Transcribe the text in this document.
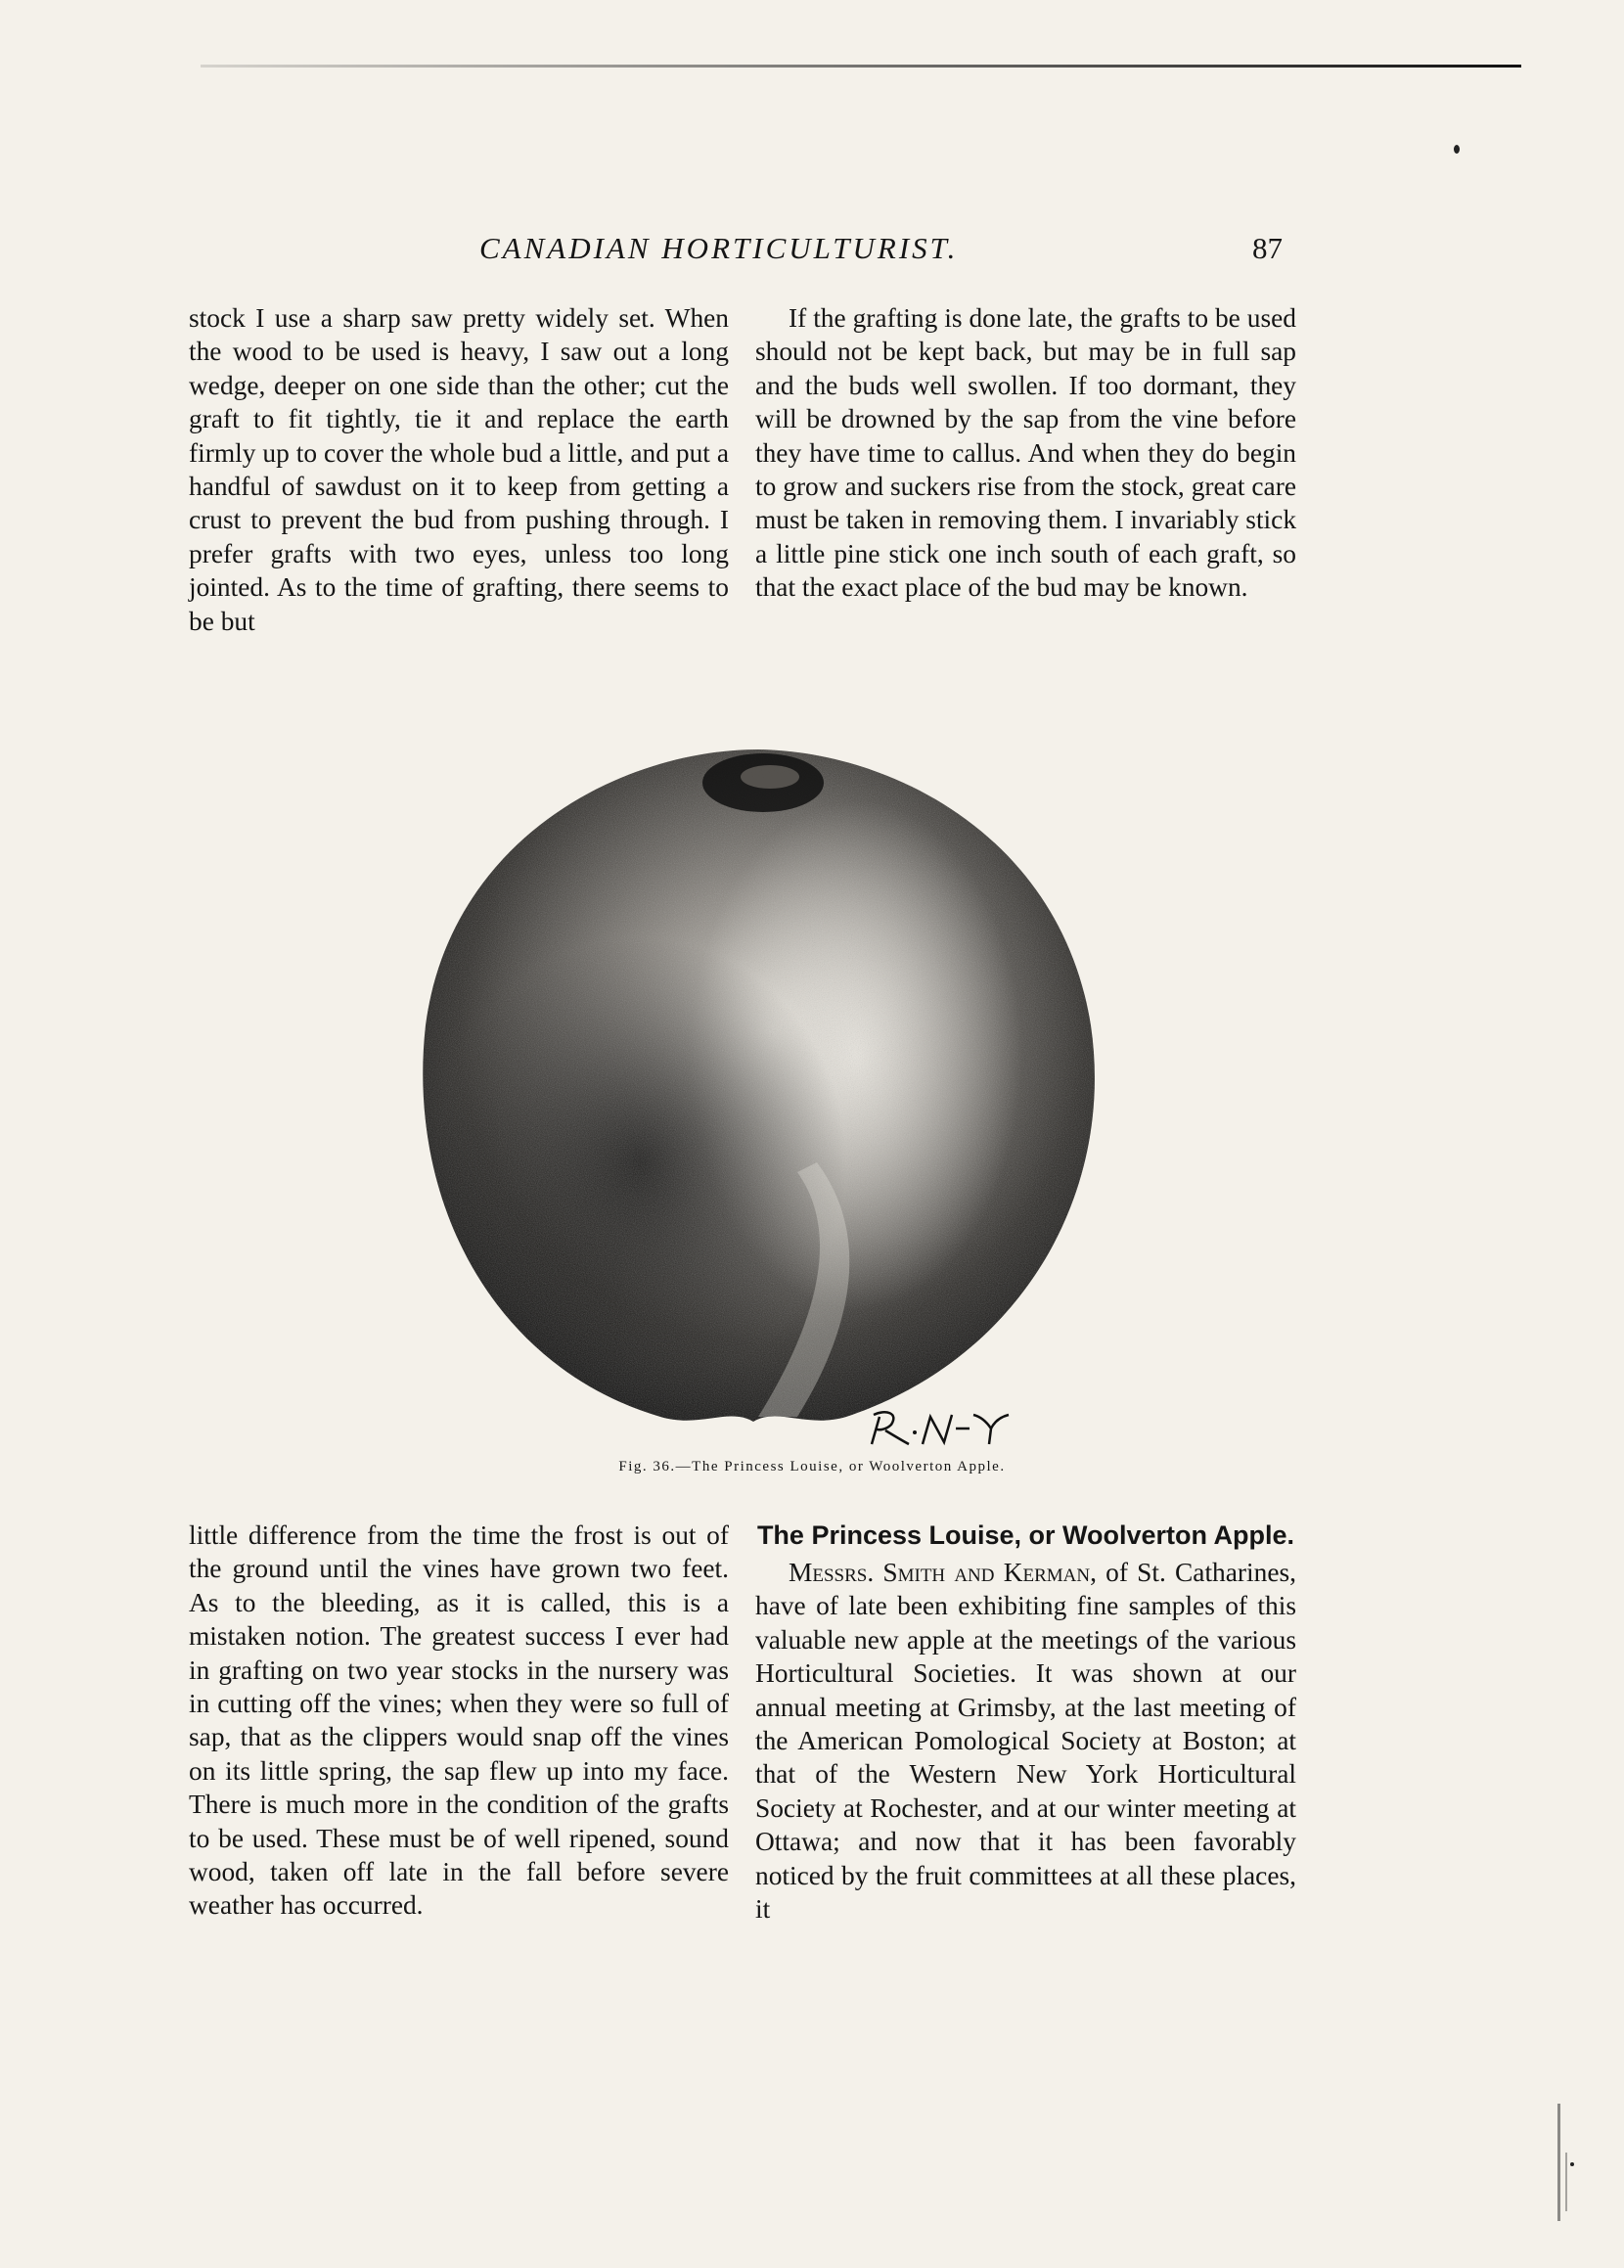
CANADIAN HORTICULTURIST.	87

stock I use a sharp saw pretty widely set. When the wood to be used is heavy, I saw out a long wedge, deeper on one side than the other; cut the graft to fit tightly, tie it and replace the earth firmly up to cover the whole bud a little, and put a handful of sawdust on it to keep from getting a crust to prevent the bud from pushing through. I prefer grafts with two eyes, unless too long jointed. As to the time of grafting, there seems to be but

If the grafting is done late, the grafts to be used should not be kept back, but may be in full sap and the buds well swollen. If too dormant, they will be drowned by the sap from the vine before they have time to callus. And when they do begin to grow and suckers rise from the stock, great care must be taken in removing them. I invariably stick a little pine stick one inch south of each graft, so that the exact place of the bud may be known.

Fig. 36.—The Princess Louise, or Woolverton Apple.

little difference from the time the frost is out of the ground until the vines have grown two feet. As to the bleeding, as it is called, this is a mistaken notion. The greatest success I ever had in grafting on two year stocks in the nursery was in cutting off the vines; when they were so full of sap, that as the clippers would snap off the vines on its little spring, the sap flew up into my face. There is much more in the condition of the grafts to be used. These must be of well ripened, sound wood, taken off late in the fall before severe weather has occurred.

The Princess Louise, or Woolverton Apple.

Messrs. Smith and Kerman, of St. Catharines, have of late been exhibiting fine samples of this valuable new apple at the meetings of the various Horticultural Societies. It was shown at our annual meeting at Grimsby, at the last meeting of the American Pomological Society at Boston; at that of the Western New York Horticultural Society at Rochester, and at our winter meeting at Ottawa; and now that it has been favorably noticed by the fruit committees at all these places, it
